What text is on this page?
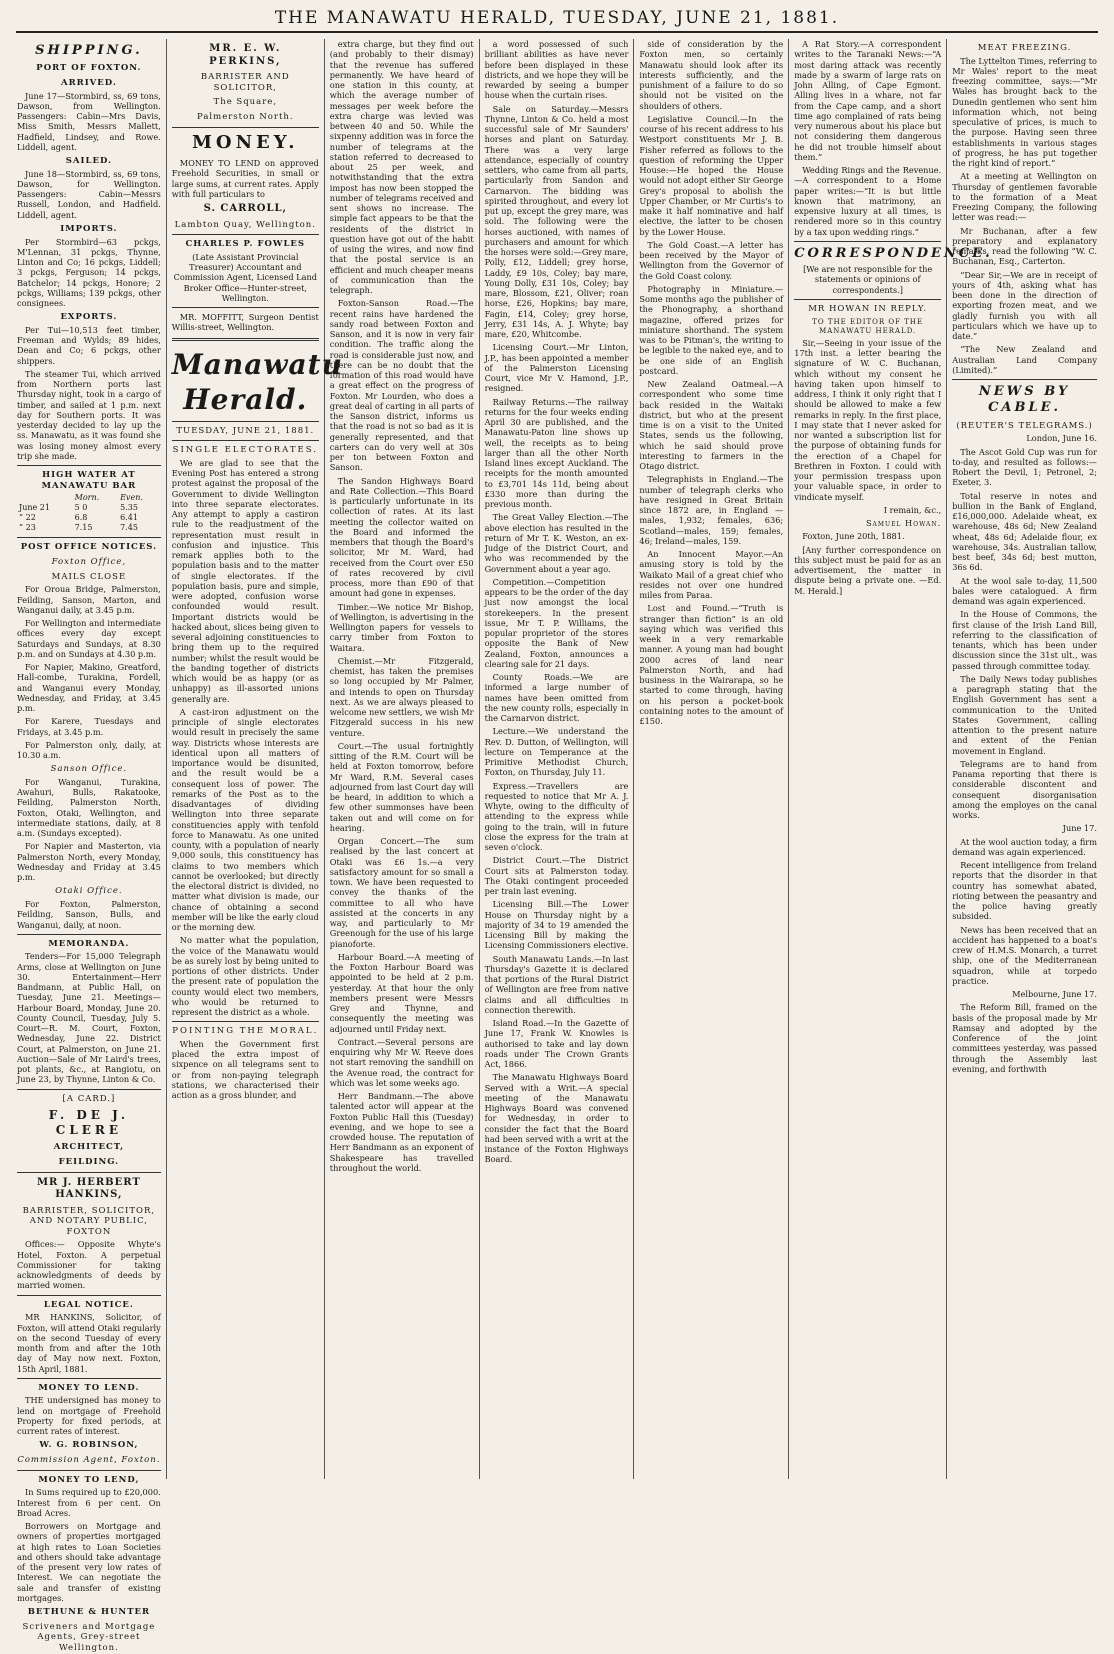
THE MANAWATU HERALD, TUESDAY, JUNE 21, 1881.
SHIPPING.
PORT OF FOXTON.
ARRIVED.

June 17—Stormbird, ss, 69 tons, Dawson, from Wellington. Passengers: Cabin—Mrs Davis, Miss Smith, Messrs Mallett, Hadfield, Lindsey, and Rowe. Liddell, agent.

SAILED.

June 18—Stormbird, ss, 69 tons, Dawson, for Wellington. Passengers: Cabin—Messrs Russell, London, and Hadfield. Liddell, agent.

IMPORTS.

Per Stormbird—63 pckgs, M'Lennan, 31 pckgs, Thynne, Linton and Co; 16 pckgs, Liddell; 3 pckgs, Ferguson; 14 pckgs, Batchelor; 14 pckgs, Honore; 2 pckgs, Williams; 139 pckgs, other consignees.

EXPORTS.

Per Tui—10,513 feet timber, Freeman and Wylds; 89 hides, Dean and Co; 6 pckgs, other shippers.

The steamer Tui, which arrived from Northern ports last Thursday night, took in a cargo of timber, and sailed at 1 p.m. next day for Southern ports. It was yesterday decided to lay up the ss. Manawatu, as it was found she was losing money almost every trip she made.

HIGH WATER AT MANAWATU BAR
	Morn.	Even.
June 21	5 0	5.35
” 22	6.8	6.41
” 23	7.15	7.45
POST OFFICE NOTICES.
Foxton Office,
MAILS CLOSE

For Oroua Bridge, Palmerston, Feilding, Sanson, Marton, and Wanganui daily, at 3.45 p.m.

For Wellington and intermediate offices every day except Saturdays and Sundays, at 8.30 p.m. and on Sundays at 4.30 p.m.

For Napier, Makino, Greatford, Hall-combe, Turakina, Fordell, and Wanganui every Monday, Wednesday, and Friday, at 3.45 p.m.

For Karere, Tuesdays and Fridays, at 3.45 p.m.

For Palmerston only, daily, at 10.30 a.m.

Sanson Office.

For Wanganui, Turakina, Awahuri, Bulls, Rakatooke, Feilding, Palmerston North, Foxton, Otaki, Wellington, and intermediate stations, daily, at 8 a.m. (Sundays excepted).

For Napier and Masterton, via Palmerston North, every Monday, Wednesday and Friday at 3.45 p.m.

Otaki Office.

For Foxton, Palmerston, Feilding, Sanson, Bulls, and Wanganui, daily, at noon.

MEMORANDA.

Tenders—For 15,000 Telegraph Arms, close at Wellington on June 30. Entertainment—Herr Bandmann, at Public Hall, on Tuesday, June 21. Meetings—Harbour Board, Monday, June 20. County Council, Tuesday, July 5. Court—R. M. Court, Foxton, Wednesday, June 22. District Court, at Palmerston, on June 21. Auction—Sale of Mr Laird's trees, pot plants, &c., at Rangiotu, on June 23, by Thynne, Linton & Co.

[A CARD.]
F. DE J. CLERE
ARCHITECT,
FEILDING.
MR J. HERBERT HANKINS,
BARRISTER, SOLICITOR, AND NOTARY PUBLIC, FOXTON

Offices:— Opposite Whyte's Hotel, Foxton. A perpetual Commissioner for taking acknowledgments of deeds by married women.

LEGAL NOTICE.

MR HANKINS, Solicitor, of Foxton, will attend Otaki regularly on the second Tuesday of every month from and after the 10th day of May now next. Foxton, 15th April, 1881.

MONEY TO LEND.

THE undersigned has money to lend on mortgage of Freehold Property for fixed periods, at current rates of interest.

W. G. ROBINSON,
Commission Agent, Foxton.
MONEY TO LEND,

In Sums required up to £20,000. Interest from 6 per cent. On Broad Acres.

Borrowers on Mortgage and owners of properties mortgaged at high rates to Loan Societies and others should take advantage of the present very low rates of Interest. We can negotiate the sale and transfer of existing mortgages.

BETHUNE & HUNTER
Scriveners and Mortgage Agents, Grey-street Wellington.
MR. E. W. PERKINS,
BARRISTER AND SOLICITOR,
The Square,
Palmerston North.
MONEY.

MONEY TO LEND on approved Freehold Securities, in small or large sums, at current rates. Apply with full particulars to

S. CARROLL,
Lambton Quay, Wellington.
CHARLES P. FOWLES

(Late Assistant Provincial Treasurer) Accountant and Commission Agent, Licensed Land Broker Office—Hunter-street, Wellington.

MR. MOFFITT, Surgeon Dentist Willis-street, Wellington.

Manawatu Herald.
TUESDAY, JUNE 21, 1881.
SINGLE ELECTORATES.

We are glad to see that the Evening Post has entered a strong protest against the proposal of the Government to divide Wellington into three separate electorates. Any attempt to apply a castiron rule to the readjustment of the representation must result in confusion and injustice. This remark applies both to the population basis and to the matter of single electorates. If the population basis, pure and simple, were adopted, confusion worse confounded would result. Important districts would be hacked about, slices being given to several adjoining constituencies to bring them up to the required number; whilst the result would be the banding together of districts which would be as happy (or as unhappy) as ill-assorted unions generally are.

A cast-iron adjustment on the principle of single electorates would result in precisely the same way. Districts whose interests are identical upon all matters of importance would be disunited, and the result would be a consequent loss of power. The remarks of the Post as to the disadvantages of dividing Wellington into three separate constituencies apply with tenfold force to Manawatu. As one united county, with a population of nearly 9,000 souls, this constituency has claims to two members which cannot be overlooked; but directly the electoral district is divided, no matter what division is made, our chance of obtaining a second member will be like the early cloud or the morning dew.

No matter what the population, the voice of the Manawatu would be as surely lost by being united to portions of other districts. Under the present rate of population the county would elect two members, who would be returned to represent the district as a whole.

POINTING THE MORAL.

When the Government first placed the extra impost of sixpence on all telegrams sent to or from non-paying telegraph stations, we characterised their action as a gross blunder, and

extra charge, but they find out (and probably to their dismay) that the revenue has suffered permanently. We have heard of one station in this county, at which the average number of messages per week before the extra charge was levied was between 40 and 50. While the sixpenny addition was in force the number of telegrams at the station referred to decreased to about 25 per week, and notwithstanding that the extra impost has now been stopped the number of telegrams received and sent shows no increase. The simple fact appears to be that the residents of the district in question have got out of the habit of using the wires, and now find that the postal service is an efficient and much cheaper means of communication than the telegraph.

Foxton-Sanson Road.—The recent rains have hardened the sandy road between Foxton and Sanson, and it is now in very fair condition. The traffic along the road is considerable just now, and there can be no doubt that the formation of this road would have a great effect on the progress of Foxton. Mr Lourden, who does a great deal of carting in all parts of the Sanson district, informs us that the road is not so bad as it is generally represented, and that carters can do very well at 30s per ton between Foxton and Sanson.

The Sandon Highways Board and Rate Collection.—This Board is particularly unfortunate in its collection of rates. At its last meeting the collector waited on the Board and informed the members that though the Board's solicitor, Mr M. Ward, had received from the Court over £50 of rates recovered by civil process, more than £90 of that amount had gone in expenses.

Timber.—We notice Mr Bishop, of Wellington, is advertising in the Wellington papers for vessels to carry timber from Foxton to Waitara.

Chemist.—Mr Fitzgerald, chemist, has taken the premises so long occupied by Mr Palmer, and intends to open on Thursday next. As we are always pleased to welcome new settlers, we wish Mr Fitzgerald success in his new venture.

Court.—The usual fortnightly sitting of the R.M. Court will be held at Foxton tomorrow, before Mr Ward, R.M. Several cases adjourned from last Court day will be heard, in addition to which a few other summonses have been taken out and will come on for hearing.

Organ Concert.—The sum realised by the last concert at Otaki was £6 1s.—a very satisfactory amount for so small a town. We have been requested to convey the thanks of the committee to all who have assisted at the concerts in any way, and particularly to Mr Greenough for the use of his large pianoforte.

Harbour Board.—A meeting of the Foxton Harbour Board was appointed to be held at 2 p.m. yesterday. At that hour the only members present were Messrs Grey and Thynne, and consequently the meeting was adjourned until Friday next.

Contract.—Several persons are enquiring why Mr W. Reeve does not start removing the sandhill on the Avenue road, the contract for which was let some weeks ago.

Herr Bandmann.—The above talented actor will appear at the Foxton Public Hall this (Tuesday) evening, and we hope to see a crowded house. The reputation of Herr Bandmann as an exponent of Shakespeare has travelled throughout the world.

a word possessed of such brilliant abilities as have never before been displayed in these districts, and we hope they will be rewarded by seeing a bumper house when the curtain rises.

Sale on Saturday.—Messrs Thynne, Linton & Co. held a most successful sale of Mr Saunders' horses and plant on Saturday. There was a very large attendance, especially of country settlers, who came from all parts, particularly from Sandon and Carnarvon. The bidding was spirited throughout, and every lot put up, except the grey mare, was sold. The following were the horses auctioned, with names of purchasers and amount for which the horses were sold:—Grey mare, Polly, £12, Liddell; grey horse, Laddy, £9 10s, Coley; bay mare, Young Dolly, £31 10s, Coley; bay mare, Blossom, £21, Oliver; roan horse, £26, Hopkins; bay mare, Fagin, £14, Coley; grey horse, Jerry, £31 14s, A. J. Whyte; bay mare, £20, Whitcombe.

Licensing Court.—Mr Linton, J.P., has been appointed a member of the Palmerston Licensing Court, vice Mr V. Hamond, J.P., resigned.

Railway Returns.—The railway returns for the four weeks ending April 30 are published, and the Manawatu-Paton line shows up well, the receipts as to being larger than all the other North Island lines except Auckland. The receipts for the month amounted to £3,701 14s 11d, being about £330 more than during the previous month.

The Great Valley Election.—The above election has resulted in the return of Mr T. K. Weston, an ex-Judge of the District Court, and who was recommended by the Government about a year ago.

Competition.—Competition appears to be the order of the day just now amongst the local storekeepers. In the present issue, Mr T. P. Williams, the popular proprietor of the stores opposite the Bank of New Zealand, Foxton, announces a clearing sale for 21 days.

County Roads.—We are informed a large number of names have been omitted from the new county rolls, especially in the Carnarvon district.

Lecture.—We understand the Rev. D. Dutton, of Wellington, will lecture on Temperance at the Primitive Methodist Church, Foxton, on Thursday, July 11.

Express.—Travellers are requested to notice that Mr A. J. Whyte, owing to the difficulty of attending to the express while going to the train, will in future close the express for the train at seven o'clock.

District Court.—The District Court sits at Palmerston today. The Otaki contingent proceeded per train last evening.

Licensing Bill.—The Lower House on Thursday night by a majority of 34 to 19 amended the Licensing Bill by making the Licensing Commissioners elective.

South Manawatu Lands.—In last Thursday's Gazette it is declared that portions of the Rural District of Wellington are free from native claims and all difficulties in connection therewith.

Island Road.—In the Gazette of June 17, Frank W. Knowles is authorised to take and lay down roads under The Crown Grants Act, 1866.

The Manawatu Highways Board Served with a Writ.—A special meeting of the Manawatu Highways Board was convened for Wednesday, in order to consider the fact that the Board had been served with a writ at the instance of the Foxton Highways Board.

side of consideration by the Foxton men, so certainly Manawatu should look after its interests sufficiently, and the punishment of a failure to do so should not be visited on the shoulders of others.

Legislative Council.—In the course of his recent address to his Westport constituents Mr J. B. Fisher referred as follows to the question of reforming the Upper House:—He hoped the House would not adopt either Sir George Grey's proposal to abolish the Upper Chamber, or Mr Curtis's to make it half nominative and half elective, the latter to be chosen by the Lower House.

The Gold Coast.—A letter has been received by the Mayor of Wellington from the Governor of the Gold Coast colony.

Photography in Miniature.—Some months ago the publisher of the Phonography, a shorthand magazine, offered prizes for miniature shorthand. The system was to be Pitman's, the writing to be legible to the naked eye, and to be one side of an English postcard.

New Zealand Oatmeal.—A correspondent who some time back resided in the Waitaki district, but who at the present time is on a visit to the United States, sends us the following, which he said should prove interesting to farmers in the Otago district.

Telegraphists in England.—The number of telegraph clerks who have resigned in Great Britain since 1872 are, in England —males, 1,932; females, 636; Scotland—males, 159; females, 46; Ireland—males, 159.

An Innocent Mayor.—An amusing story is told by the Waikato Mail of a great chief who resides not over one hundred miles from Paraa.

Lost and Found.—“Truth is stranger than fiction” is an old saying which was verified this week in a very remarkable manner. A young man had bought 2000 acres of land near Palmerston North, and had business in the Wairarapa, so he started to come through, having on his person a pocket-book containing notes to the amount of £150.

A Rat Story.—A correspondent writes to the Taranaki News:—“A most daring attack was recently made by a swarm of large rats on John Alling, of Cape Egmont. Alling lives in a whare, not far from the Cape camp, and a short time ago complained of rats being very numerous about his place but not considering them dangerous he did not trouble himself about them.”

Wedding Rings and the Revenue.—A correspondent to a Home paper writes:—“It is but little known that matrimony, an expensive luxury at all times, is rendered more so in this country by a tax upon wedding rings.”

CORRESPONDENCE.

[We are not responsible for the statements or opinions of correspondents.]

MR HOWAN IN REPLY.
TO THE EDITOR OF THE MANAWATU HERALD.

Sir,—Seeing in your issue of the 17th inst. a letter bearing the signature of W. C. Buchanan, which without my consent he having taken upon himself to address, I think it only right that I should be allowed to make a few remarks in reply. In the first place, I may state that I never asked for nor wanted a subscription list for the purpose of obtaining funds for the erection of a Chapel for Brethren in Foxton. I could with your permission trespass upon your valuable space, in order to vindicate myself.

I remain, &c.,

Samuel Howan.

Foxton, June 20th, 1881.

[Any further correspondence on this subject must be paid for as an advertisement, the matter in dispute being a private one. —Ed. M. Herald.]

MEAT FREEZING.

The Lyttelton Times, referring to Mr Wales' report to the meat freezing committee, says:—“Mr Wales has brought back to the Dunedin gentlemen who sent him information which, not being speculative of prices, is much to the purpose. Having seen three establishments in various stages of progress, he has put together the right kind of report.”

At a meeting at Wellington on Thursday of gentlemen favorable to the formation of a Meat Freezing Company, the following letter was read:—

Mr Buchanan, after a few preparatory and explanatory remarks, read the following “W. C. Buchanan, Esq., Carterton.

“Dear Sir,—We are in receipt of yours of 4th, asking what has been done in the direction of exporting frozen meat, and we gladly furnish you with all particulars which we have up to date.”

“The New Zealand and Australian Land Company (Limited).”

NEWS BY CABLE.
(REUTER'S TELEGRAMS.)

London, June 16.

The Ascot Gold Cup was run for to-day, and resulted as follows:—Robert the Devil, 1; Petronel, 2; Exeter, 3.

Total reserve in notes and bullion in the Bank of England, £16,000,000. Adelaide wheat, ex warehouse, 48s 6d; New Zealand wheat, 48s 6d; Adelaide flour, ex warehouse, 34s. Australian tallow, best beef, 34s 6d; best mutton, 36s 6d.

At the wool sale to-day, 11,500 bales were catalogued. A firm demand was again experienced.

In the House of Commons, the first clause of the Irish Land Bill, referring to the classification of tenants, which has been under discussion since the 31st ult., was passed through committee today.

The Daily News today publishes a paragraph stating that the English Government has sent a communication to the United States Government, calling attention to the present nature and extent of the Fenian movement in England.

Telegrams are to hand from Panama reporting that there is considerable discontent and consequent disorganisation among the employes on the canal works.

June 17.

At the wool auction today, a firm demand was again experienced.

Recent intelligence from Ireland reports that the disorder in that country has somewhat abated, rioting between the peasantry and the police having greatly subsided.

News has been received that an accident has happened to a boat's crew of H.M.S. Monarch, a turret ship, one of the Mediterranean squadron, while at torpedo practice.

Melbourne, June 17.

The Reform Bill, framed on the basis of the proposal made by Mr Ramsay and adopted by the Conference of the joint committees yesterday, was passed through the Assembly last evening, and forthwith
